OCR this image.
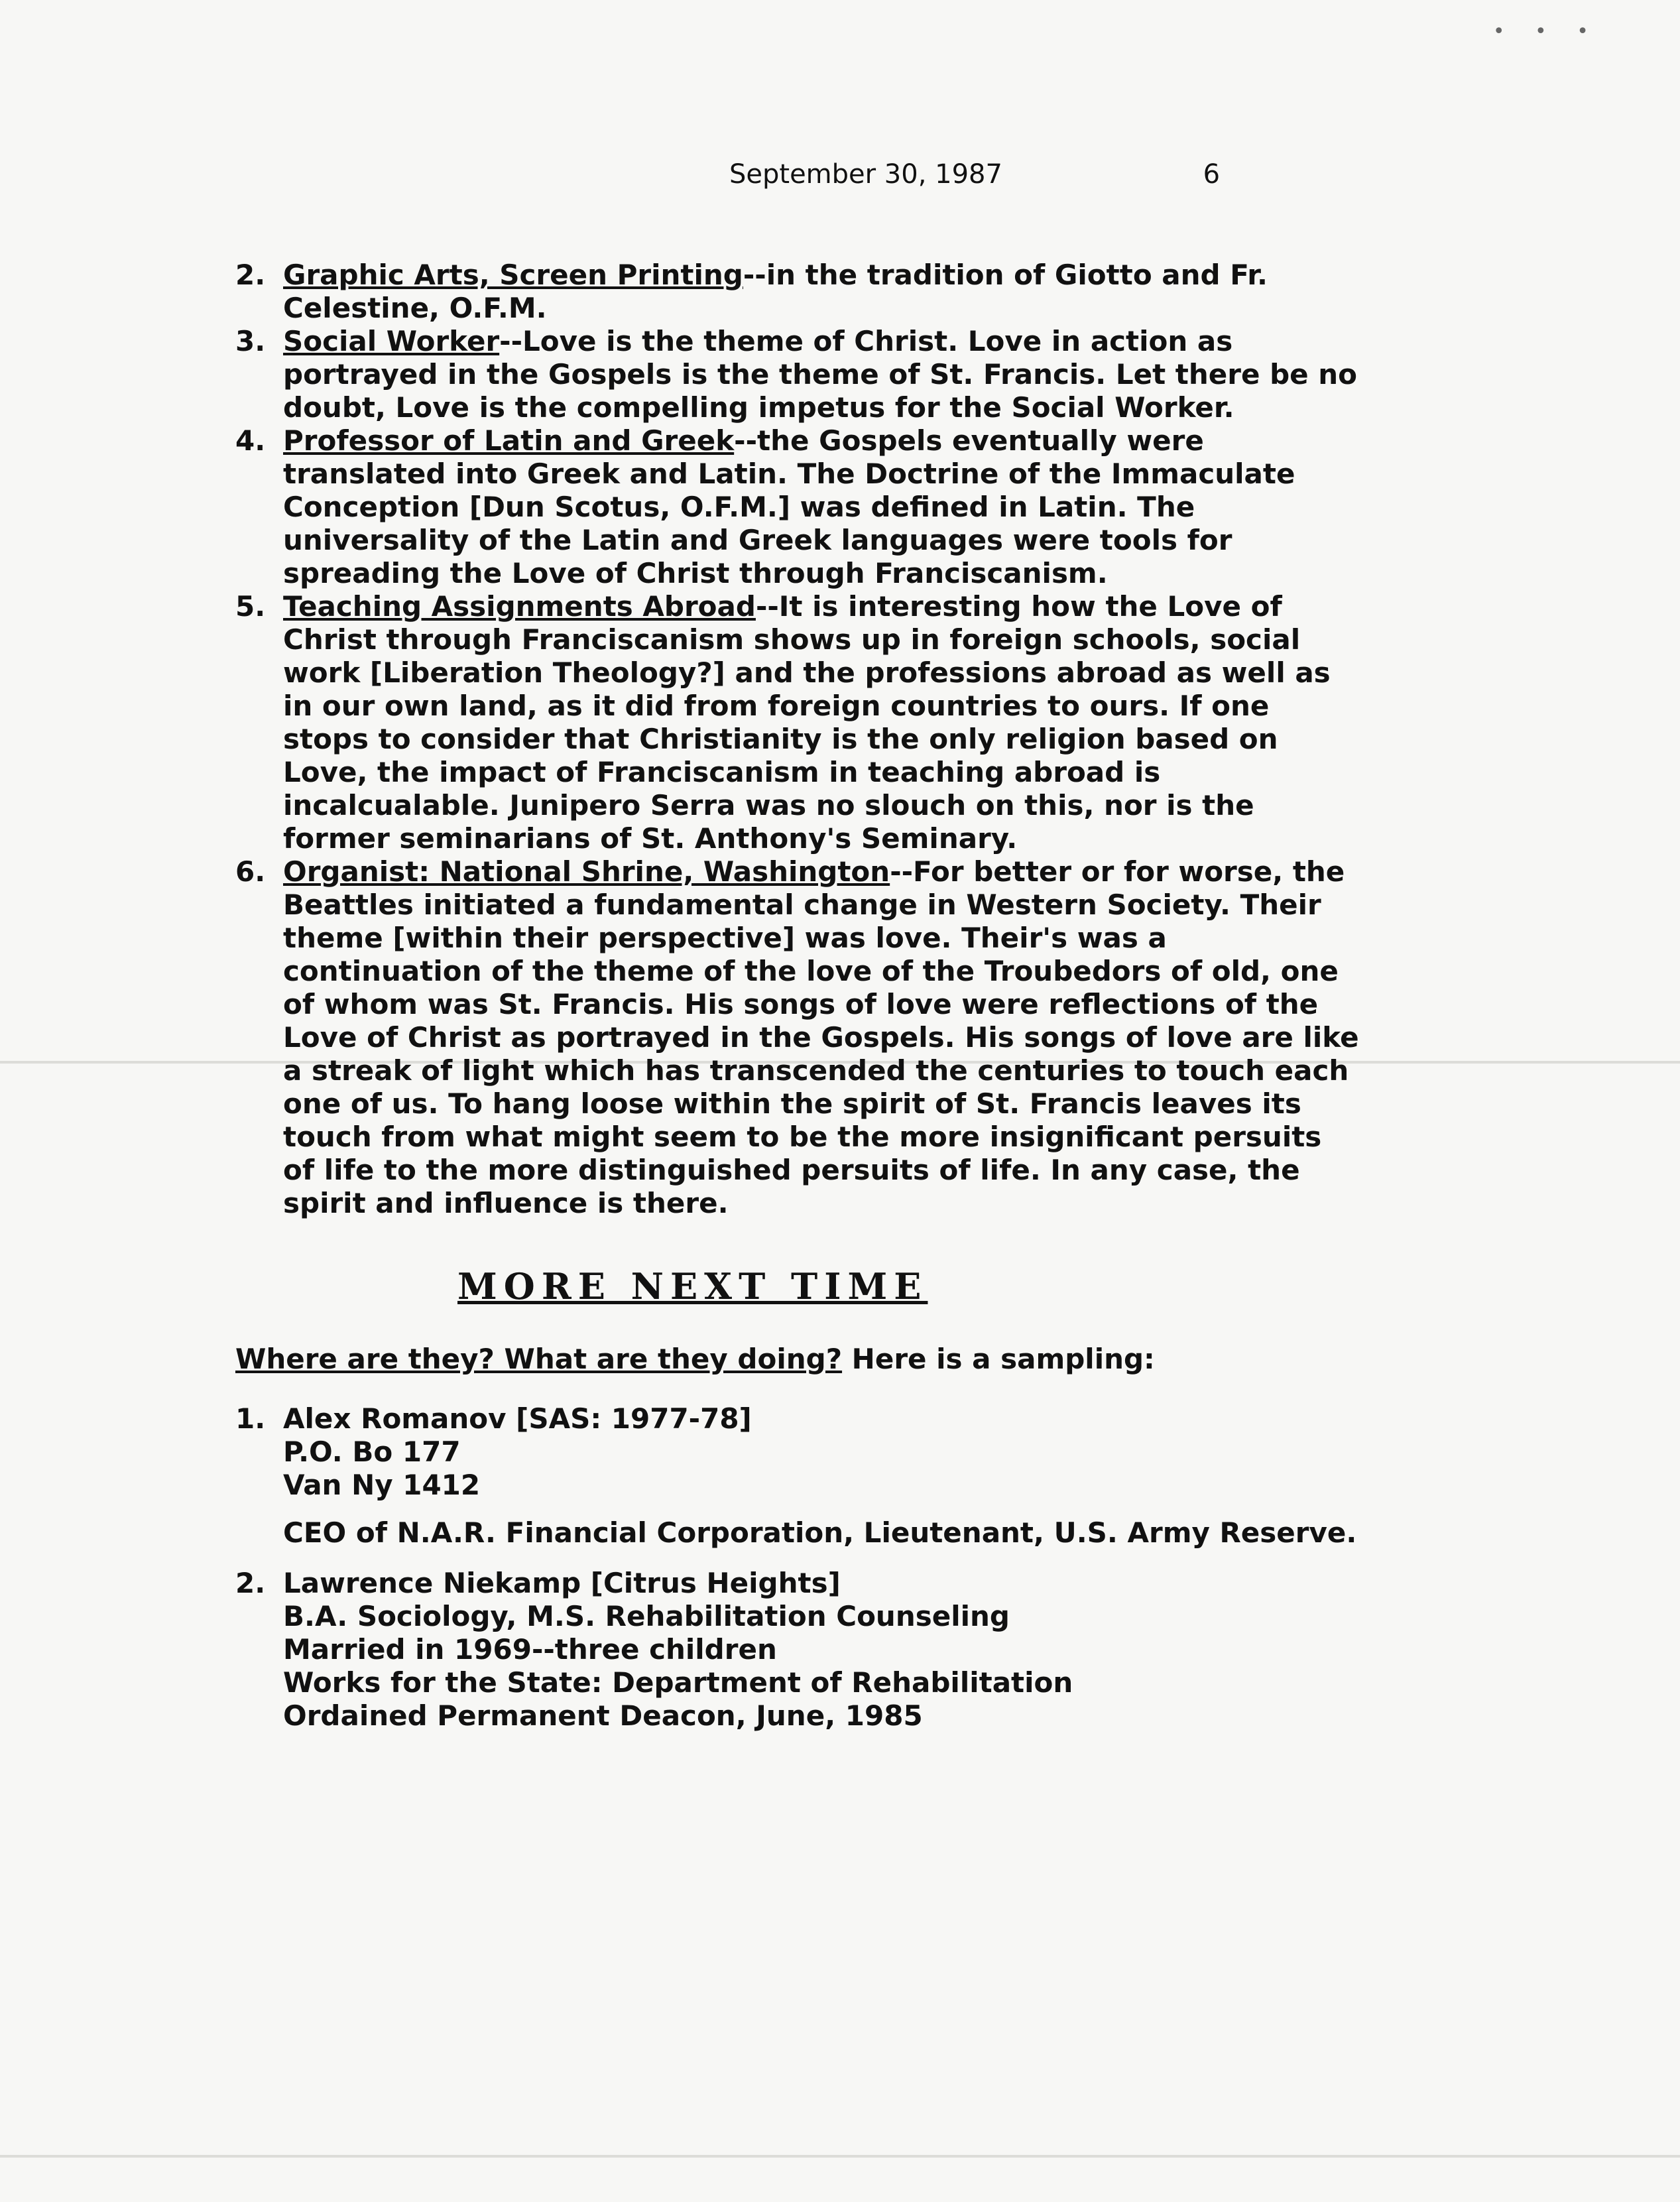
• • •
September 30, 1987	6
2. Graphic Arts, Screen Printing--in the tradition of Giotto and Fr. Celestine, O.F.M.
3. Social Worker--Love is the theme of Christ. Love in action as portrayed in the Gospels is the theme of St. Francis. Let there be no doubt, Love is the compelling impetus for the Social Worker.
4. Professor of Latin and Greek--the Gospels eventually were translated into Greek and Latin. The Doctrine of the Immaculate Conception [Dun Scotus, O.F.M.] was defined in Latin. The universality of the Latin and Greek languages were tools for spreading the Love of Christ through Franciscanism.
5. Teaching Assignments Abroad--It is interesting how the Love of Christ through Franciscanism shows up in foreign schools, social work [Liberation Theology?] and the professions abroad as well as in our own land, as it did from foreign countries to ours. If one stops to consider that Christianity is the only religion based on Love, the impact of Franciscanism in teaching abroad is incalcualable. Junipero Serra was no slouch on this, nor is the former seminarians of St. Anthony's Seminary.
6. Organist: National Shrine, Washington--For better or for worse, the Beattles initiated a fundamental change in Western Society. Their theme [within their perspective] was love. Their's was a continuation of the theme of the love of the Troubedors of old, one of whom was St. Francis. His songs of love were reflections of the Love of Christ as portrayed in the Gospels. His songs of love are like a streak of light which has transcended the centuries to touch each one of us. To hang loose within the spirit of St. Francis leaves its touch from what might seem to be the more insignificant persuits of life to the more distinguished persuits of life. In any case, the spirit and influence is there.
MORE NEXT TIME
Where are they? What are they doing? Here is a sampling:
1. Alex Romanov [SAS: 1977-78]
P.O. Bo 177
Van Ny 1412
CEO of N.A.R. Financial Corporation, Lieutenant, U.S. Army Reserve.
2. Lawrence Niekamp [Citrus Heights]
B.A. Sociology, M.S. Rehabilitation Counseling
Married in 1969--three children
Works for the State: Department of Rehabilitation
Ordained Permanent Deacon, June, 1985
